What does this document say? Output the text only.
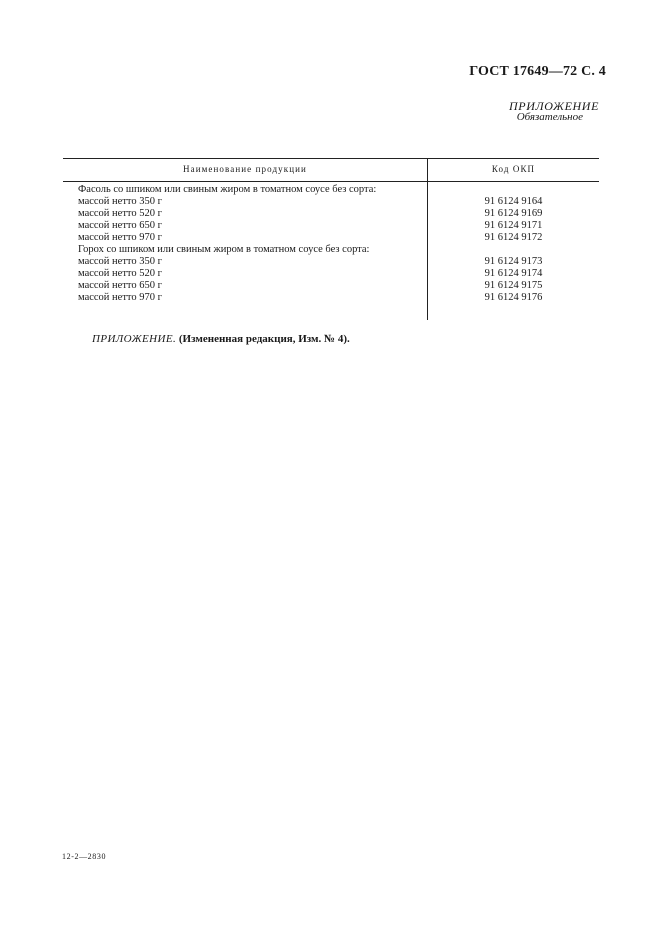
ГОСТ 17649—72 С. 4
ПРИЛОЖЕНИЕ
Обязательное
Наименование продукции	Код ОКП
Фасоль со шпиком или свиным жиром в томатном соусе без сорта:
массой нетто 350 г	91 6124 9164
массой нетто 520 г	91 6124 9169
массой нетто 650 г	91 6124 9171
массой нетто 970 г	91 6124 9172
Горох со шпиком или свиным жиром в томатном соусе без сорта:
массой нетто 350 г	91 6124 9173
массой нетто 520 г	91 6124 9174
массой нетто 650 г	91 6124 9175
массой нетто 970 г	91 6124 9176
ПРИЛОЖЕНИЕ. (Измененная редакция, Изм. № 4).
12-2—2830
